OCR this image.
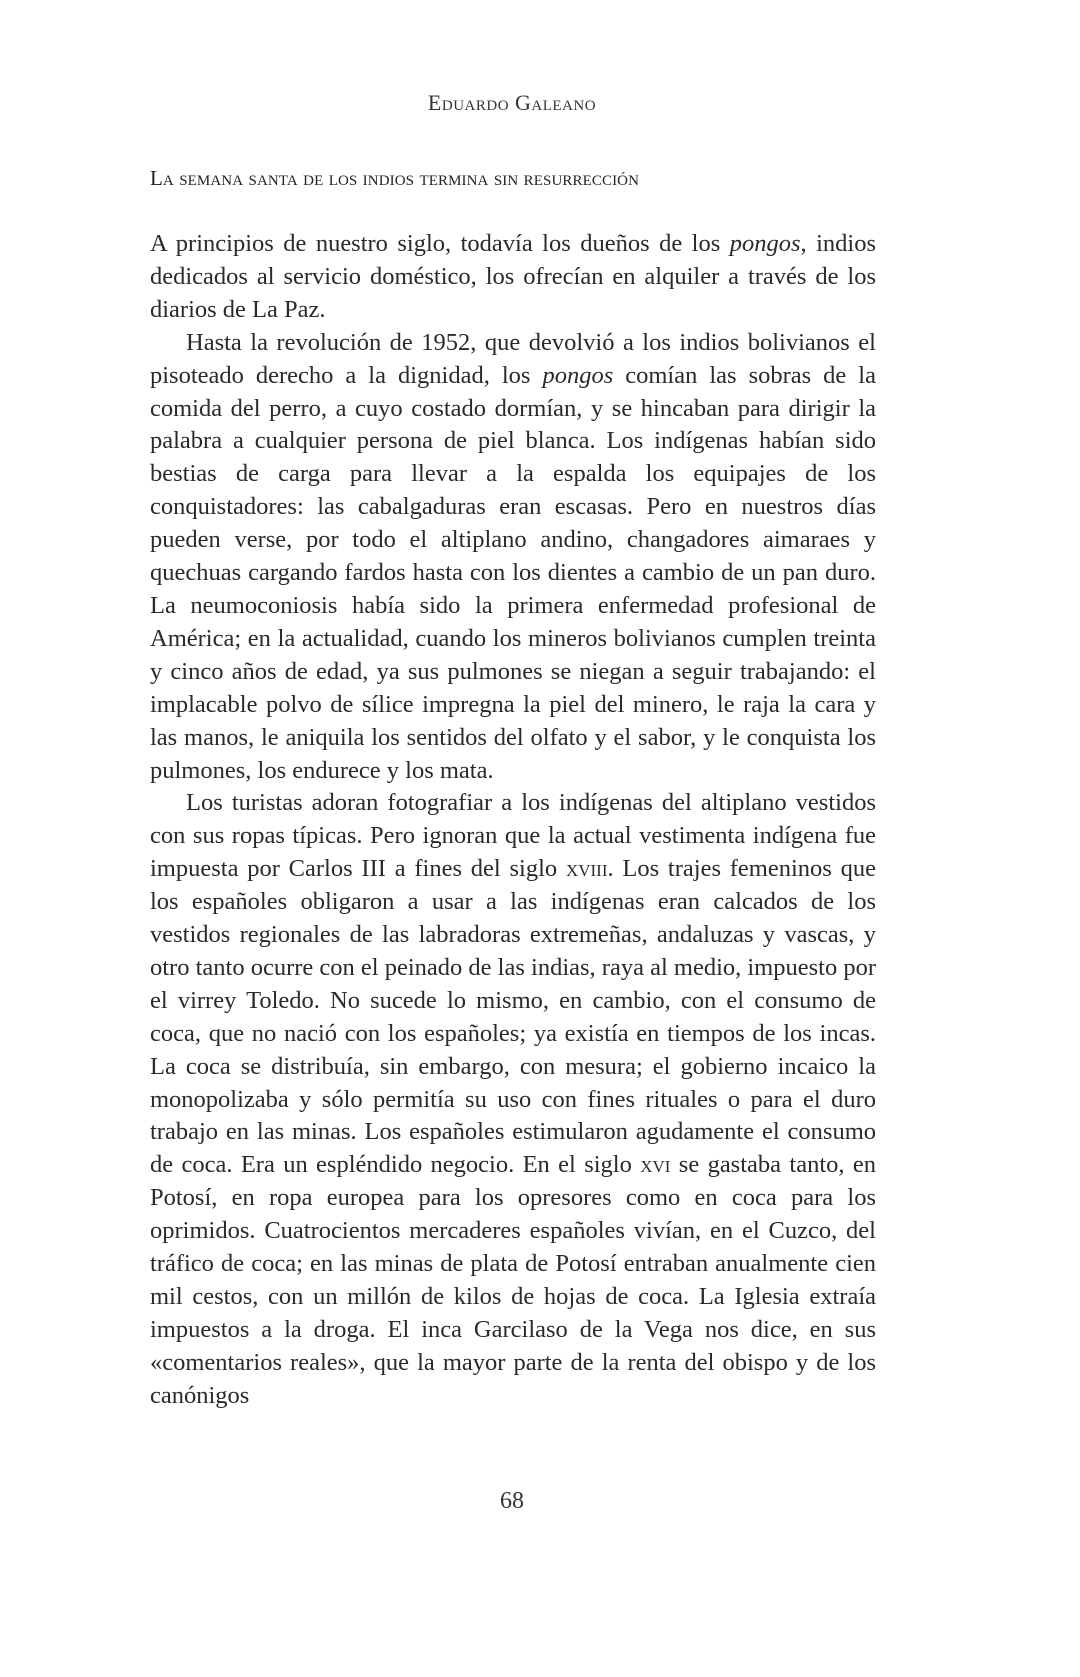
Eduardo Galeano
La semana santa de los indios termina sin resurrección

A principios de nuestro siglo, todavía los dueños de los pongos, indios dedicados al servicio doméstico, los ofrecían en alquiler a través de los diarios de La Paz.

Hasta la revolución de 1952, que devolvió a los indios bolivianos el pisoteado derecho a la dignidad, los pongos comían las sobras de la comida del perro, a cuyo costado dormían, y se hincaban para dirigir la palabra a cualquier persona de piel blanca. Los indígenas habían sido bestias de carga para llevar a la espalda los equipajes de los conquistadores: las cabalgaduras eran escasas. Pero en nuestros días pueden verse, por todo el altiplano andino, changadores aimaraes y quechuas cargando fardos hasta con los dientes a cambio de un pan duro. La neumoconiosis había sido la primera enfermedad profesional de América; en la actualidad, cuando los mineros bolivianos cumplen treinta y cinco años de edad, ya sus pulmones se niegan a seguir trabajando: el implacable polvo de sílice impregna la piel del minero, le raja la cara y las manos, le aniquila los sentidos del olfato y el sabor, y le conquista los pulmones, los endurece y los mata.

Los turistas adoran fotografiar a los indígenas del altiplano vestidos con sus ropas típicas. Pero ignoran que la actual vestimenta indígena fue impuesta por Carlos III a fines del siglo xviii. Los trajes femeninos que los españoles obligaron a usar a las indígenas eran calcados de los vestidos regionales de las labradoras extremeñas, andaluzas y vascas, y otro tanto ocurre con el peinado de las indias, raya al medio, impuesto por el virrey Toledo. No sucede lo mismo, en cambio, con el consumo de coca, que no nació con los españoles; ya existía en tiempos de los incas. La coca se distribuía, sin embargo, con mesura; el gobierno incaico la monopolizaba y sólo permitía su uso con fines rituales o para el duro trabajo en las minas. Los españoles estimularon agudamente el consumo de coca. Era un espléndido negocio. En el siglo xvi se gastaba tanto, en Potosí, en ropa europea para los opresores como en coca para los oprimidos. Cuatrocientos mercaderes españoles vivían, en el Cuzco, del tráfico de coca; en las minas de plata de Potosí entraban anualmente cien mil cestos, con un millón de kilos de hojas de coca. La Iglesia extraía impuestos a la droga. El inca Garcilaso de la Vega nos dice, en sus «comentarios reales», que la mayor parte de la renta del obispo y de los canónigos

68
